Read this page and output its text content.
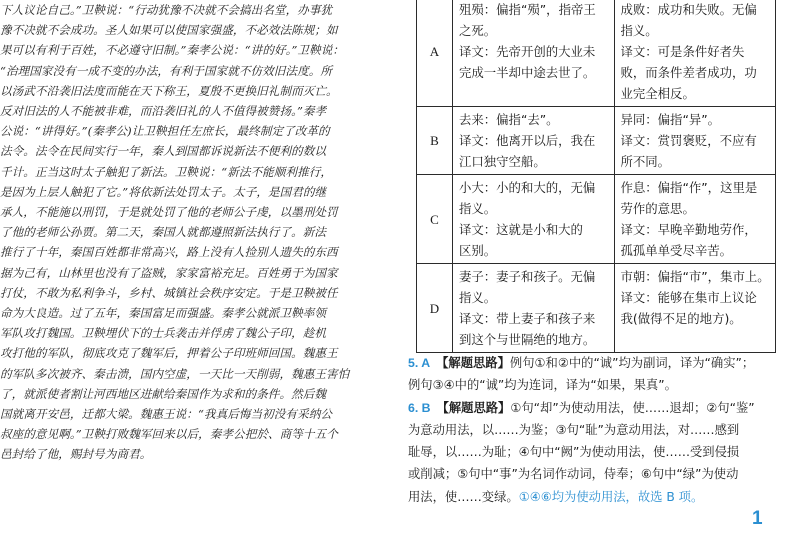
下人议论自己。”卫鞅说：“行动犹豫不决就不会搞出名堂，办事犹

豫不决就不会成功。圣人如果可以使国家强盛，不必效法陈规；如

果可以有利于百姓，不必遵守旧制。”秦孝公说：“讲的好。”卫鞅说：

“治理国家没有一成不变的办法，有利于国家就不仿效旧法度。所

以汤武不沿袭旧法度而能在天下称王，夏殷不更换旧礼制而灭亡。

反对旧法的人不能被非难，而沿袭旧礼的人不值得被赞扬。”秦孝

公说：“讲得好。”(秦孝公)让卫鞅担任左庶长，最终制定了改革的

法令。法令在民间实行一年，秦人到国都诉说新法不便利的数以

千计。正当这时太子触犯了新法。卫鞅说：“新法不能顺利推行，

是因为上层人触犯了它。”将依新法处罚太子。太子，是国君的继

承人，不能施以刑罚，于是就处罚了他的老师公子虔，以墨刑处罚

了他的老师公孙贾。第二天，秦国人就都遵照新法执行了。新法

推行了十年，秦国百姓都非常高兴，路上没有人捡别人遗失的东西

据为己有，山林里也没有了盗贼，家家富裕充足。百姓勇于为国家

打仗，不敢为私利争斗，乡村、城镇社会秩序安定。于是卫鞅被任

命为大良造。过了五年，秦国富足而强盛。秦孝公就派卫鞅率领

军队攻打魏国。卫鞅埋伏下的士兵袭击并俘虏了魏公子印，趁机

攻打他的军队，彻底攻克了魏军后，押着公子印班师回国。魏惠王

的军队多次被齐、秦击溃，国内空虚，一天比一天削弱，魏惠王害怕

了，就派使者割让河西地区进献给秦国作为求和的条件。然后魏

国就离开安邑，迁都大梁。魏惠王说：“我真后悔当初没有采纳公

叔座的意见啊。”卫鞅打败魏军回来以后，秦孝公把於、商等十五个

邑封给了他，赐封号为商君。

A	殂殒：偏指“殒”，指帝王
之死。
译文：先帝开创的大业未
完成一半却中途去世了。	成败：成功和失败。无偏
指义。
译文：可是条件好者失
败，而条件差者成功，功
业完全相反。

B	去来：偏指“去”。
译文：他离开以后，我在
江口独守空船。	异同：偏指“异”。
译文：赏罚褒贬，不应有
所不同。

C	小大：小的和大的，无偏
指义。
译文：这就是小和大的
区别。	作息：偏指“作”，这里是
劳作的意思。
译文：早晚辛勤地劳作，
孤孤单单受尽辛苦。

D	妻子：妻子和孩子。无偏
指义。
译文：带上妻子和孩子来
到这个与世隔绝的地方。	市朝：偏指“市”，集市上。
译文：能够在集市上议论
我(做得不足的地方)。
5. A 【解题思路】例句①和②中的“诚”均为副词，译为“确实”；
例句③④中的“诚”均为连词，译为“如果，果真”。
6. B 【解题思路】①句“却”为使动用法，使……退却；②句“鉴”
为意动用法，以……为鉴；③句“耻”为意动用法，对……感到
耻辱，以……为耻；④句中“阙”为使动用法，使……受到侵损
或削减；⑤句中“事”为名词作动词，侍奉；⑥句中“绿”为使动
用法，使……变绿。①④⑥均为使动用法，故选 B 项。
1
